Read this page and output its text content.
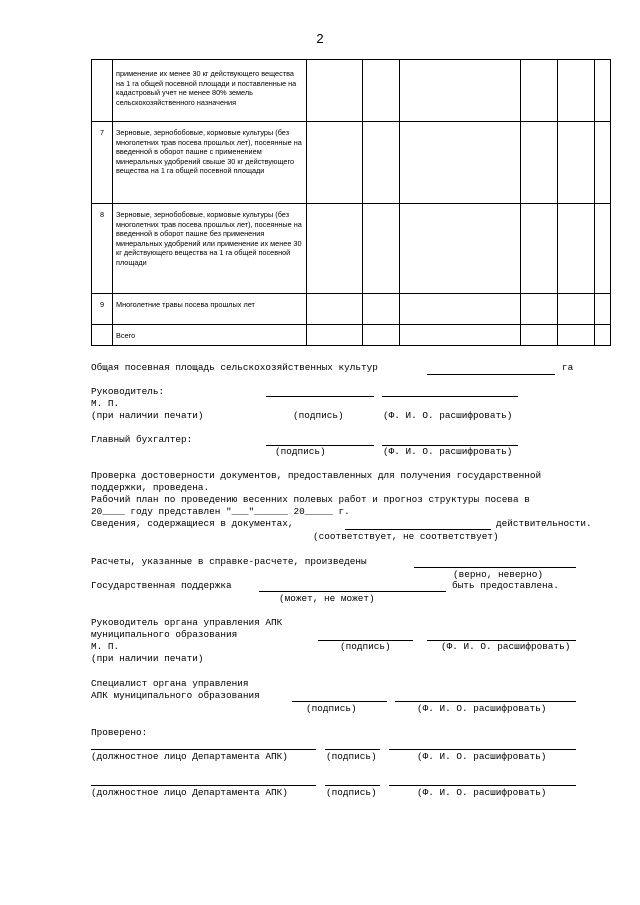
2
	применение их менее 30 кг действующего вещества на 1 га общей посевной площади и поставленные на кадастровый учет не менее 80% земель сельскохозяйственного назначения						
7	Зерновые, зернобобовые, кормовые культуры (без многолетних трав посева прошлых лет), посеянные на введенной в оборот пашне с применением минеральных удобрений свыше 30 кг действующего вещества на 1 га общей посевной площади						
8	Зерновые, зернобобовые, кормовые культуры (без многолетних трав посева прошлых лет), посеянные на введенной в оборот пашне без применения минеральных удобрений или применение их менее 30 кг действующего вещества на 1 га общей посевной площади						
9	Многолетние травы посева прошлых лет						
	Всего						
Общая посевная площадь сельскохозяйственных культур	га
Руководитель:
М. П.
(при наличии печати)	(подпись)	(Ф. И. О. расшифровать)
Главный бухгалтер:
(подпись)	(Ф. И. О. расшифровать)
Проверка достоверности документов, предоставленных для получения государственной
поддержки, проведена.
Рабочий план по проведению весенних полевых работ и прогноз структуры посева в
20____ году представлен "___"______ 20_____ г.
Сведения, содержащиеся в документах,	действительности.
(соответствует, не соответствует)
Расчеты, указанные в справке-расчете, произведены
(верно, неверно)
Государственная поддержка	быть предоставлена.
(может, не может)
Руководитель органа управления АПК
муниципального образования
М. П.	(подпись)	(Ф. И. О. расшифровать)
(при наличии печати)
Специалист органа управления
АПК муниципального образования
(подпись)	(Ф. И. О. расшифровать)
Проверено:
(должностное лицо Департамента АПК)	(подпись)	(Ф. И. О. расшифровать)
(должностное лицо Департамента АПК)	(подпись)	(Ф. И. О. расшифровать)
